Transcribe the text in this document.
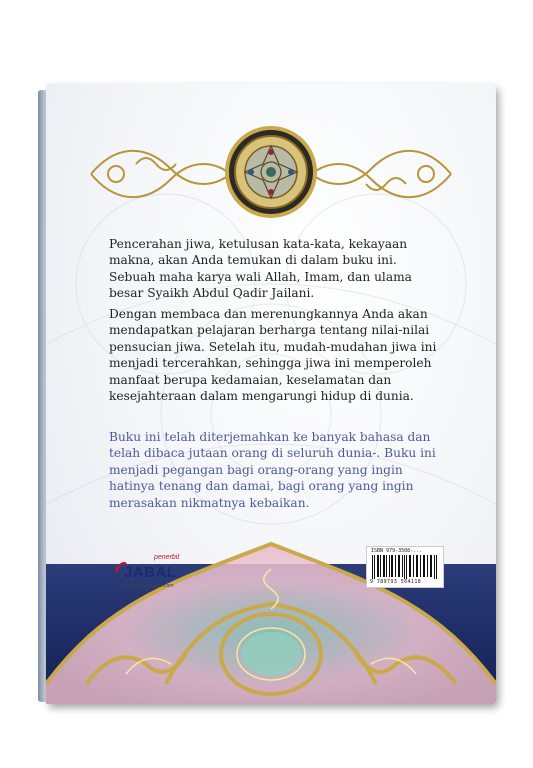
Pencerahan jiwa, ketulusan kata-kata, kekayaan makna, akan Anda temukan di dalam buku ini. Sebuah maha karya wali Allah, Imam, dan ulama besar Syaikh Abdul Qadir Jailani.

Dengan membaca dan merenungkannya Anda akan mendapatkan pelajaran berharga tentang nilai-nilai pensucian jiwa. Setelah itu, mudah-mudahan jiwa ini menjadi tercerahkan, sehingga jiwa ini memperoleh manfaat berupa kedamaian, keselamatan dan kesejahteraan dalam mengarungi hidup di dunia.

Buku ini telah diterjemahkan ke banyak bahasa dan telah dibaca jutaan orang di seluruh dunia-. Buku ini menjadi pegangan bagi orang-orang yang ingin hatinya tenang dan damai, bagi orang yang ingin merasakan nikmatnya kebaikan.

penerbit
JABAL
www.penerbitjabal.com
ISBN 979-3508-...
9 789793 564118
